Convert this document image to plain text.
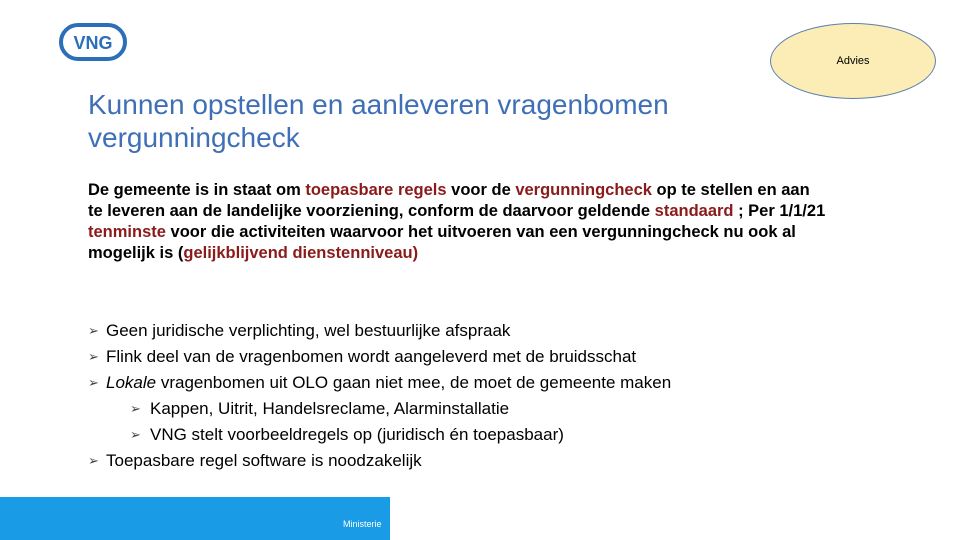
VNG
Advies
Kunnen opstellen en aanleveren vragenbomen vergunningcheck

De gemeente is in staat om toepasbare regels voor de vergunningcheck op te stellen en aan te leveren aan de landelijke voorziening, conform de daarvoor geldende standaard ; Per 1/1/21 tenminste voor die activiteiten waarvoor het uitvoeren van een vergunningcheck nu ook al mogelijk is (gelijkblijvend dienstenniveau)

➢ Geen juridische verplichting, wel bestuurlijke afspraak
➢ Flink deel van de vragenbomen wordt aangeleverd met de bruidsschat
➢ Lokale vragenbomen uit OLO gaan niet mee, de moet de gemeente maken
➢ Kappen, Uitrit, Handelsreclame, Alarminstallatie
➢ VNG stelt voorbeeldregels op (juridisch én toepasbaar)
➢ Toepasbare regel software is noodzakelijk
Ministerie
